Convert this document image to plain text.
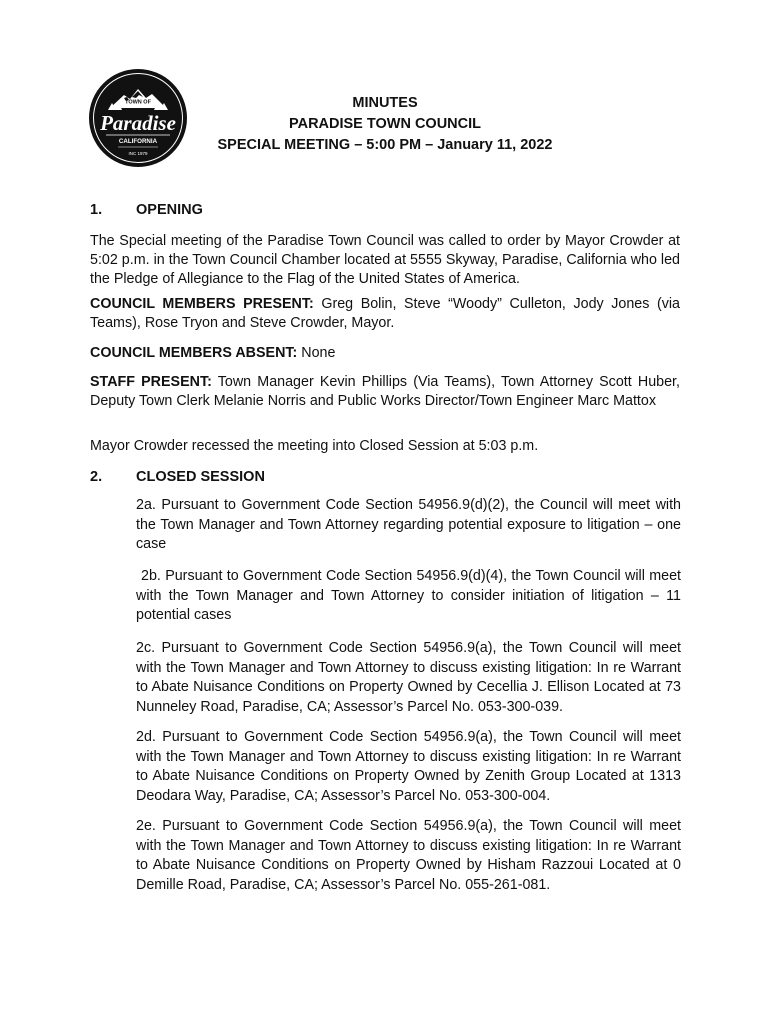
TOWN OF
Paradise
CALIFORNIA
INC 1979
MINUTES
PARADISE TOWN COUNCIL
SPECIAL MEETING – 5:00 PM – January 11, 2022
1. OPENING
The Special meeting of the Paradise Town Council was called to order by Mayor Crowder at 5:02 p.m. in the Town Council Chamber located at 5555 Skyway, Paradise, California who led the Pledge of Allegiance to the Flag of the United States of America.
COUNCIL MEMBERS PRESENT: Greg Bolin, Steve “Woody” Culleton, Jody Jones (via Teams), Rose Tryon and Steve Crowder, Mayor.
COUNCIL MEMBERS ABSENT: None
STAFF PRESENT: Town Manager Kevin Phillips (Via Teams), Town Attorney Scott Huber, Deputy Town Clerk Melanie Norris and Public Works Director/Town Engineer Marc Mattox
Mayor Crowder recessed the meeting into Closed Session at 5:03 p.m.
2. CLOSED SESSION
2a. Pursuant to Government Code Section 54956.9(d)(2), the Council will meet with the Town Manager and Town Attorney regarding potential exposure to litigation – one case
2b. Pursuant to Government Code Section 54956.9(d)(4), the Town Council will meet with the Town Manager and Town Attorney to consider initiation of litigation – 11 potential cases
2c. Pursuant to Government Code Section 54956.9(a), the Town Council will meet with the Town Manager and Town Attorney to discuss existing litigation: In re Warrant to Abate Nuisance Conditions on Property Owned by Cecellia J. Ellison Located at 73 Nunneley Road, Paradise, CA; Assessor’s Parcel No. 053-300-039.
2d. Pursuant to Government Code Section 54956.9(a), the Town Council will meet with the Town Manager and Town Attorney to discuss existing litigation: In re Warrant to Abate Nuisance Conditions on Property Owned by Zenith Group Located at 1313 Deodara Way, Paradise, CA; Assessor’s Parcel No. 053-300-004.
2e. Pursuant to Government Code Section 54956.9(a), the Town Council will meet with the Town Manager and Town Attorney to discuss existing litigation: In re Warrant to Abate Nuisance Conditions on Property Owned by Hisham Razzoui Located at 0 Demille Road, Paradise, CA; Assessor’s Parcel No. 055-261-081.
